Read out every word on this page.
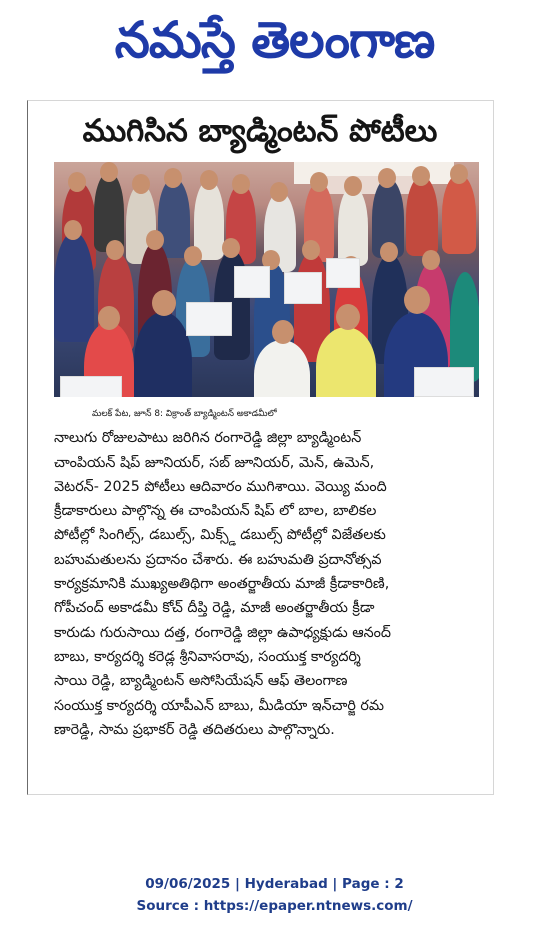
నమస్తే తెలంగాణ
ముగిసిన బ్యాడ్మింటన్ పోటీలు

మలక్ పేట, జూన్ 8: విక్రాంత్ బ్యాడ్మింటన్ అకాడమీలో

నాలుగు రోజులపాటు జరిగిన రంగారెడ్డి జిల్లా బ్యాడ్మింటన్

చాంపియన్ షిప్ జూనియర్, సబ్ జూనియర్, మెన్, ఉమెన్,

వెటరన్- 2025 పోటీలు ఆదివారం ముగిశాయి. వెయ్యి మంది

క్రీడాకారులు పాల్గొన్న ఈ చాంపియన్ షిప్ లో బాల, బాలికల

పోటీల్లో సింగిల్స్, డబుల్స్, మిక్స్డ్ డబుల్స్ పోటీల్లో విజేతలకు

బహుమతులను ప్రదానం చేశారు. ఈ బహుమతి ప్రదానోత్సవ

కార్యక్రమానికి ముఖ్యఅతిథిగా అంతర్జాతీయ మాజీ క్రీడాకారిణి,

గోపీచంద్ అకాడమీ కోచ్ దీప్తి రెడ్డి, మాజీ అంతర్జాతీయ క్రీడా

కారుడు గురుసాయి దత్త, రంగారెడ్డి జిల్లా ఉపాధ్యక్షుడు ఆనంద్

బాబు, కార్యదర్శి కరెడ్ల శ్రీనివాసరావు, సంయుక్త కార్యదర్శి

సాయి రెడ్డి, బ్యాడ్మింటన్ అసోసియేషన్ ఆఫ్ తెలంగాణ

సంయుక్త కార్యదర్శి యాపీఎన్ బాబు, మీడియా ఇన్‌చార్జి రమ

ణారెడ్డి, సామ ప్రభాకర్ రెడ్డి తదితరులు పాల్గొన్నారు.

09/06/2025 | Hyderabad | Page : 2
Source : https://epaper.ntnews.com/
